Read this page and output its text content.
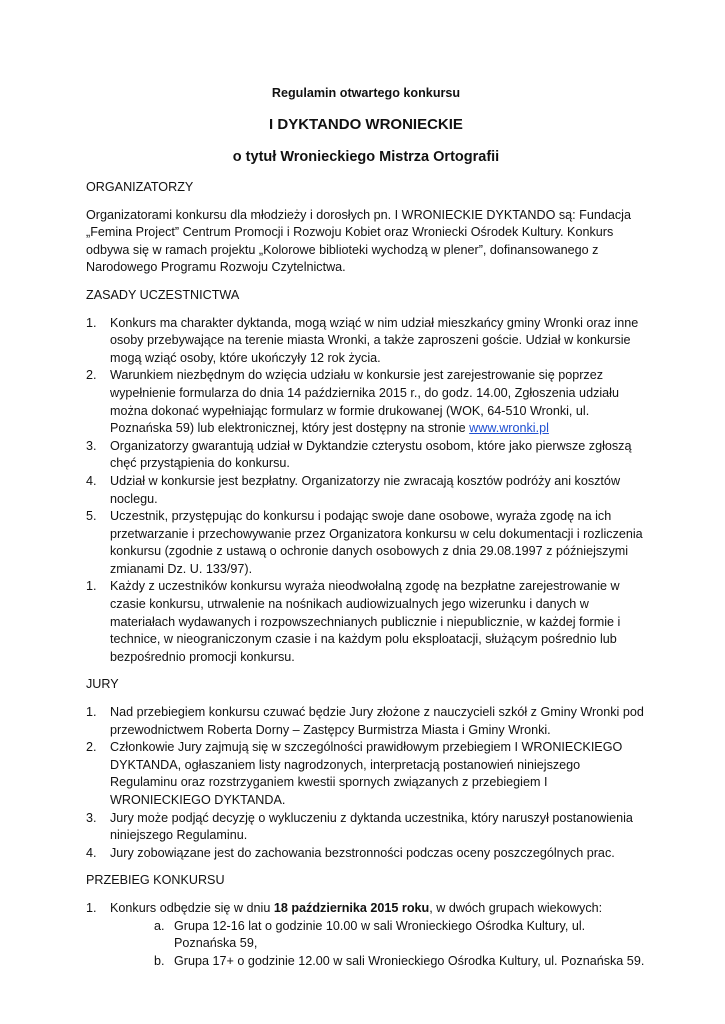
Regulamin otwartego konkursu
I DYKTANDO WRONIECKIE
o tytuł Wronieckiego Mistrza Ortografii
ORGANIZATORZY
Organizatorami konkursu dla młodzieży i dorosłych pn. I WRONIECKIE DYKTANDO są: Fundacja „Femina Project” Centrum Promocji i Rozwoju Kobiet oraz Wroniecki Ośrodek Kultury. Konkurs odbywa się w ramach projektu „Kolorowe biblioteki wychodzą w plener”, dofinansowanego z Narodowego Programu Rozwoju Czytelnictwa.
ZASADY UCZESTNICTWA
1. Konkurs ma charakter dyktanda, mogą wziąć w nim udział mieszkańcy gminy Wronki oraz inne osoby przebywające na terenie miasta Wronki, a także zaproszeni goście. Udział w konkursie mogą wziąć osoby, które ukończyły 12 rok życia.
2. Warunkiem niezbędnym do wzięcia udziału w konkursie jest zarejestrowanie się poprzez wypełnienie formularza do dnia 14 października 2015 r., do godz. 14.00, Zgłoszenia udziału można dokonać wypełniając formularz w formie drukowanej (WOK, 64-510 Wronki, ul. Poznańska 59) lub elektronicznej, który jest dostępny na stronie www.wronki.pl
3. Organizatorzy gwarantują udział w Dyktandzie czterystu osobom, które jako pierwsze zgłoszą chęć przystąpienia do konkursu.
4. Udział w konkursie jest bezpłatny. Organizatorzy nie zwracają kosztów podróży ani kosztów noclegu.
5. Uczestnik, przystępując do konkursu i podając swoje dane osobowe, wyraża zgodę na ich przetwarzanie i przechowywanie przez Organizatora konkursu w celu dokumentacji i rozliczenia konkursu (zgodnie z ustawą o ochronie danych osobowych z dnia 29.08.1997 z późniejszymi zmianami Dz. U. 133/97).
1. Każdy z uczestników konkursu wyraża nieodwołalną zgodę na bezpłatne zarejestrowanie w czasie konkursu, utrwalenie na nośnikach audiowizualnych jego wizerunku i danych w materiałach wydawanych i rozpowszechnianych publicznie i niepublicznie, w każdej formie i technice, w nieograniczonym czasie i na każdym polu eksploatacji, służącym pośrednio lub bezpośrednio promocji konkursu.
JURY
1. Nad przebiegiem konkursu czuwać będzie Jury złożone z nauczycieli szkół z Gminy Wronki pod przewodnictwem Roberta Dorny – Zastępcy Burmistrza Miasta i Gminy Wronki.
2. Członkowie Jury zajmują się w szczególności prawidłowym przebiegiem I WRONIECKIEGO DYKTANDA, ogłaszaniem listy nagrodzonych, interpretacją postanowień niniejszego Regulaminu oraz rozstrzyganiem kwestii spornych związanych z przebiegiem I WRONIECKIEGO DYKTANDA.
3. Jury może podjąć decyzję o wykluczeniu z dyktanda uczestnika, który naruszył postanowienia niniejszego Regulaminu.
4. Jury zobowiązane jest do zachowania bezstronności podczas oceny poszczególnych prac.
PRZEBIEG KONKURSU
1. Konkurs odbędzie się w dniu 18 października 2015 roku, w dwóch grupach wiekowych:
a. Grupa 12-16 lat o godzinie 10.00 w sali Wronieckiego Ośrodka Kultury, ul. Poznańska 59,
b. Grupa 17+ o godzinie 12.00 w sali Wronieckiego Ośrodka Kultury, ul. Poznańska 59.
